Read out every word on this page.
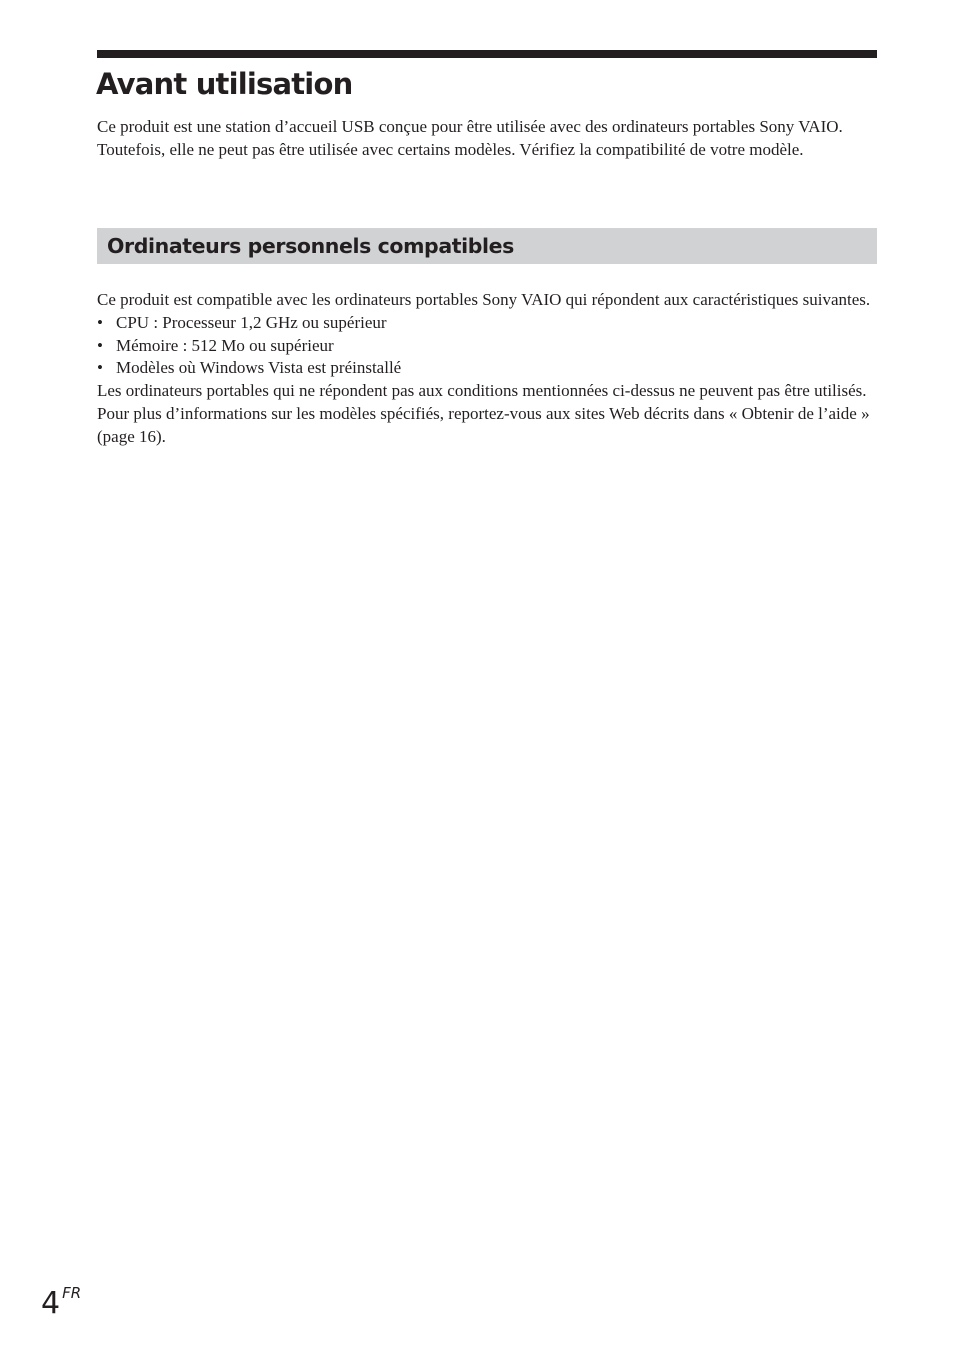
Avant utilisation

Ce produit est une station d’accueil USB conçue pour être utilisée avec des ordinateurs portables Sony VAIO. Toutefois, elle ne peut pas être utilisée avec certains modèles. Vérifiez la compatibilité de votre modèle.

Ordinateurs personnels compatibles

Ce produit est compatible avec les ordinateurs portables Sony VAIO qui répondent aux caractéristiques suivantes.

• CPU : Processeur 1,2 GHz ou supérieur
• Mémoire : 512 Mo ou supérieur
• Modèles où Windows Vista est préinstallé

Les ordinateurs portables qui ne répondent pas aux conditions mentionnées ci-dessus ne peuvent pas être utilisés.

Pour plus d’informations sur les modèles spécifiés, reportez-vous aux sites Web décrits dans « Obtenir de l’aide » (page 16).

4 FR
